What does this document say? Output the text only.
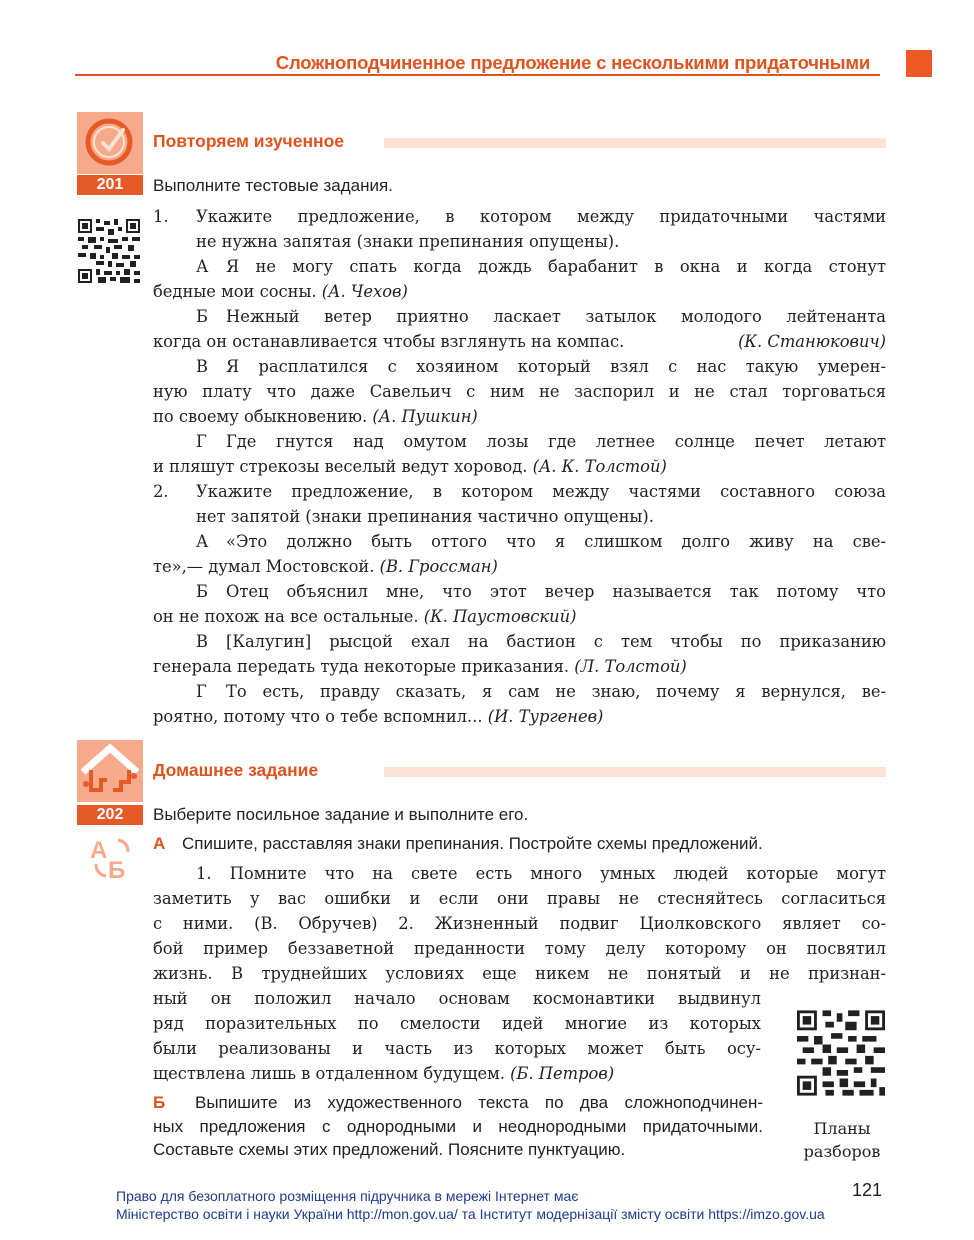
Сложноподчиненное предложение с несколькими придаточными
Повторяем изученное
201	Выполните тестовые задания.
1. Укажите предложение, в котором между придаточными частями
не нужна запятая (знаки препинания опущены).
А Я не могу спать когда дождь барабанит в окна и когда стонут
бедные мои сосны. (А. Чехов)
Б Нежный ветер приятно ласкает затылок молодого лейтенанта
когда он останавливается чтобы взглянуть на компас.	(К. Станюкович)
В Я расплатился с хозяином который взял с нас такую умерен-
ную плату что даже Савельич с ним не заспорил и не стал торговаться
по своему обыкновению. (А. Пушкин)
Г Где гнутся над омутом лозы где летнее солнце печет летают
и пляшут стрекозы веселый ведут хоровод. (А. К. Толстой)
2. Укажите предложение, в котором между частями составного союза
нет запятой (знаки препинания частично опущены).
А «Это должно быть оттого что я слишком долго живу на све-
те»,— думал Мостовской. (В. Гроссман)
Б Отец объяснил мне, что этот вечер называется так потому что
он не похож на все остальные. (К. Паустовский)
В [Калугин] рысцой ехал на бастион с тем чтобы по приказанию
генерала передать туда некоторые приказания. (Л. Толстой)
Г То есть, правду сказать, я сам не знаю, почему я вернулся, ве-
роятно, потому что о тебе вспомнил... (И. Тургенев)
Домашнее задание
202	Выберите посильное задание и выполните его.
А
Б
А Спишите, расставляя знаки препинания. Постройте схемы предложений.
1. Помните что на свете есть много умных людей которые могут
заметить у вас ошибки и если они правы не стесняйтесь согласиться
с ними. (В. Обручев) 2. Жизненный подвиг Циолковского являет со-
бой пример беззаветной преданности тому делу которому он посвятил
жизнь. В труднейших условиях еще никем не понятый и не признан-
ный он положил начало основам космонавтики выдвинул
ряд поразительных по смелости идей многие из которых
были реализованы и часть из которых может быть осу-
ществлена лишь в отдаленном будущем. (Б. Петров)
Б Выпишите из художественного текста по два сложноподчинен-
ных предложения с однородными и неоднородными придаточными.
Составьте схемы этих предложений. Поясните пунктуацию.
Планы
разборов
121
Право для безоплатного розміщення підручника в мережі Інтернет має
Міністерство освіти і науки України http://mon.gov.ua/ та Інститут модернізації змісту освіти https://imzo.gov.ua
